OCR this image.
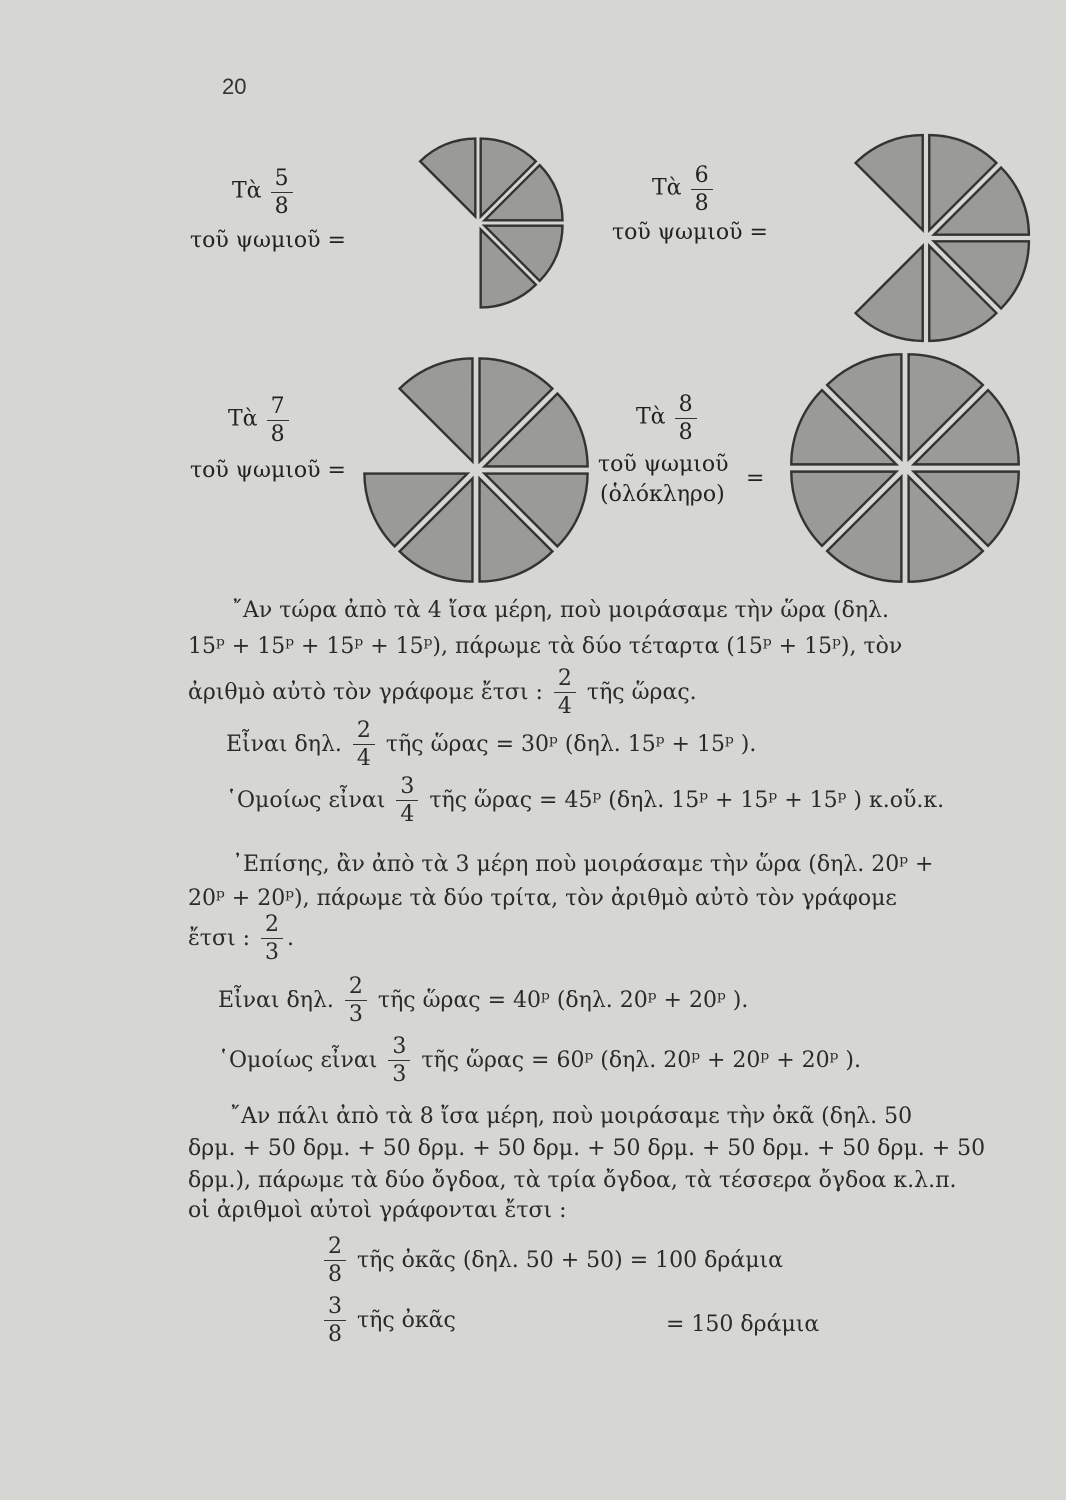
20
Τὰ $\frac{5}{8}$
τοῦ ψωμιοῦ =
Τὰ $\frac{6}{8}$
τοῦ ψωμιοῦ =
Τὰ $\frac{7}{8}$
τοῦ ψωμιοῦ =
Τὰ $\frac{8}{8}$
τοῦ ψωμιοῦ
(ὁλόκληρο)
=
῎Αν τώρα ἀπὸ τὰ 4 ἴσα μέρη, ποὺ μοιράσαμε τὴν ὥρα (δηλ.
15ᵖ + 15ᵖ + 15ᵖ + 15ᵖ), πάρωμε τὰ δύο τέταρτα (15ᵖ + 15ᵖ), τὸν
ἀριθμὸ αὐτὸ τὸν γράφομε ἔτσι : $\frac{2}{4}$ τῆς ὥρας.
Εἶναι δηλ. $\frac{2}{4}$ τῆς ὥρας = 30ᵖ (δηλ. 15ᵖ + 15ᵖ ).
῾Ομοίως εἶναι $\frac{3}{4}$ τῆς ὥρας = 45ᵖ (δηλ. 15ᵖ + 15ᵖ + 15ᵖ ) κ.οὕ.κ.
᾿Επίσης, ἂν ἀπὸ τὰ 3 μέρη ποὺ μοιράσαμε τὴν ὥρα (δηλ. 20ᵖ +
20ᵖ + 20ᵖ), πάρωμε τὰ δύο τρίτα, τὸν ἀριθμὸ αὐτὸ τὸν γράφομε
ἔτσι : $\frac{2}{3}$ .
Εἶναι δηλ. $\frac{2}{3}$ τῆς ὥρας = 40ᵖ (δηλ. 20ᵖ + 20ᵖ ).
῾Ομοίως εἶναι $\frac{3}{3}$ τῆς ὥρας = 60ᵖ (δηλ. 20ᵖ + 20ᵖ + 20ᵖ ).
῎Αν πάλι ἀπὸ τὰ 8 ἴσα μέρη, ποὺ μοιράσαμε τὴν ὀκᾶ (δηλ. 50
δρμ. + 50 δρμ. + 50 δρμ. + 50 δρμ. + 50 δρμ. + 50 δρμ. + 50 δρμ. + 50
δρμ.), πάρωμε τὰ δύο ὄγδοα, τὰ τρία ὄγδοα, τὰ τέσσερα ὄγδοα κ.λ.π.
οἱ ἀριθμοὶ αὐτοὶ γράφονται ἔτσι :
$\frac{2}{8}$ τῆς ὀκᾶς (δηλ. 50 + 50) = 100 δράμια
$\frac{3}{8}$ τῆς ὀκᾶς	= 150 δράμια
